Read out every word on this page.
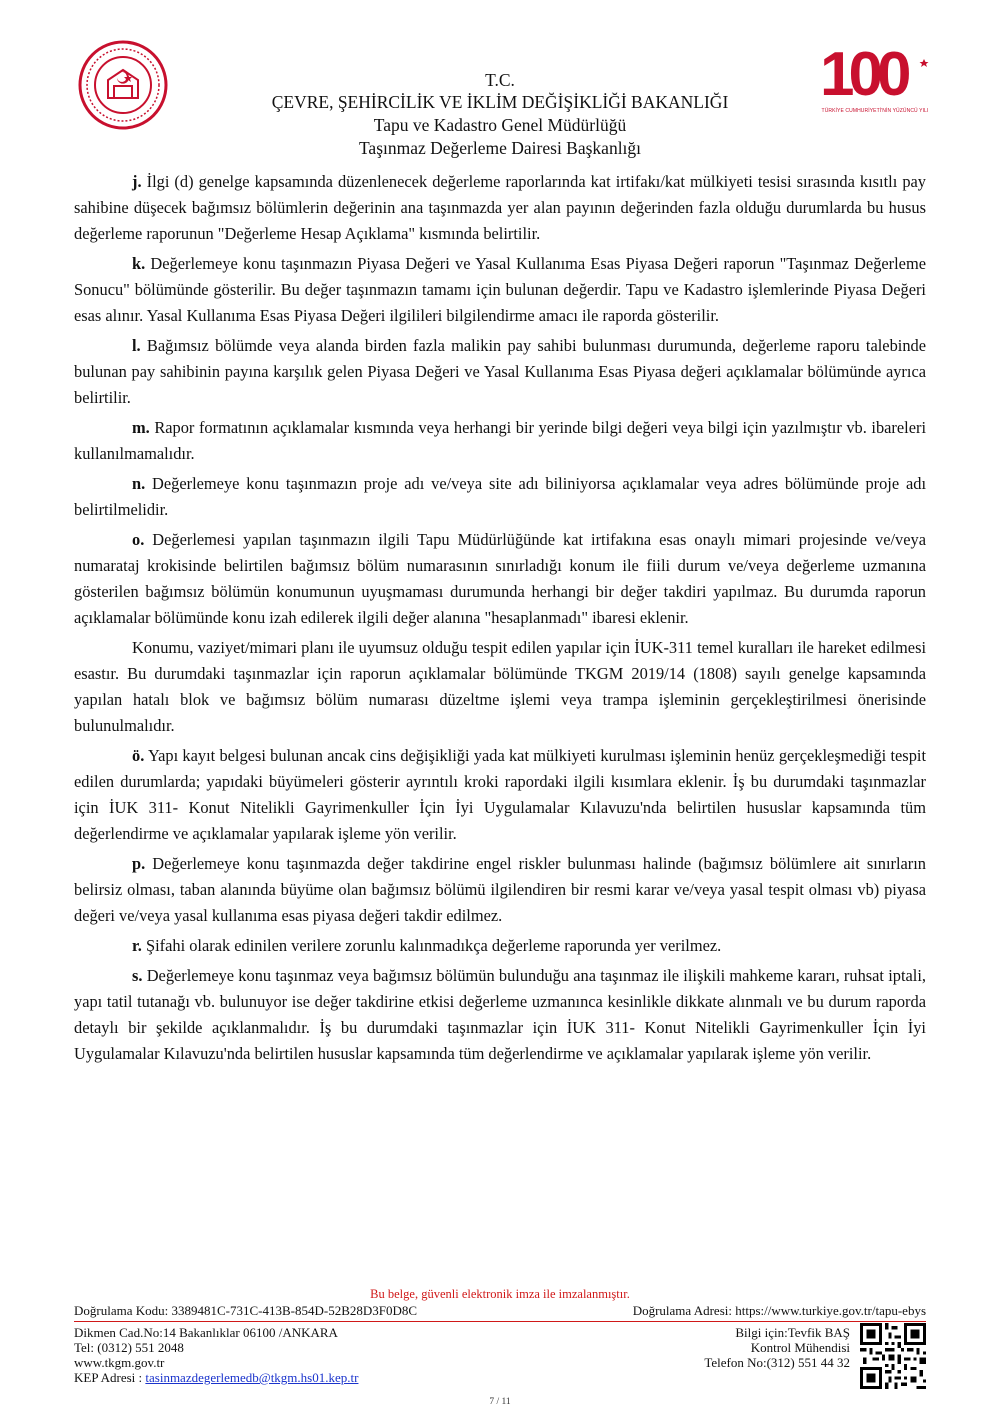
100
TÜRKİYE CUMHURİYETİ'NİN YÜZÜNCÜ YILI
T.C.
ÇEVRE, ŞEHİRCİLİK VE İKLİM DEĞİŞİKLİĞİ BAKANLIĞI
Tapu ve Kadastro Genel Müdürlüğü
Taşınmaz Değerleme Dairesi Başkanlığı

j. İlgi (d) genelge kapsamında düzenlenecek değerleme raporlarında kat irtifakı/kat mülkiyeti tesisi sırasında kısıtlı pay sahibine düşecek bağımsız bölümlerin değerinin ana taşınmazda yer alan payının değerinden fazla olduğu durumlarda bu husus değerleme raporunun "Değerleme Hesap Açıklama" kısmında belirtilir.

k. Değerlemeye konu taşınmazın Piyasa Değeri ve Yasal Kullanıma Esas Piyasa Değeri raporun "Taşınmaz Değerleme Sonucu" bölümünde gösterilir. Bu değer taşınmazın tamamı için bulunan değerdir. Tapu ve Kadastro işlemlerinde Piyasa Değeri esas alınır. Yasal Kullanıma Esas Piyasa Değeri ilgilileri bilgilendirme amacı ile raporda gösterilir.

l. Bağımsız bölümde veya alanda birden fazla malikin pay sahibi bulunması durumunda, değerleme raporu talebinde bulunan pay sahibinin payına karşılık gelen Piyasa Değeri ve Yasal Kullanıma Esas Piyasa değeri açıklamalar bölümünde ayrıca belirtilir.

m. Rapor formatının açıklamalar kısmında veya herhangi bir yerinde bilgi değeri veya bilgi için yazılmıştır vb. ibareleri kullanılmamalıdır.

n. Değerlemeye konu taşınmazın proje adı ve/veya site adı biliniyorsa açıklamalar veya adres bölümünde proje adı belirtilmelidir.

o. Değerlemesi yapılan taşınmazın ilgili Tapu Müdürlüğünde kat irtifakına esas onaylı mimari projesinde ve/veya numarataj krokisinde belirtilen bağımsız bölüm numarasının sınırladığı konum ile fiili durum ve/veya değerleme uzmanına gösterilen bağımsız bölümün konumunun uyuşmaması durumunda herhangi bir değer takdiri yapılmaz. Bu durumda raporun açıklamalar bölümünde konu izah edilerek ilgili değer alanına "hesaplanmadı" ibaresi eklenir.

Konumu, vaziyet/mimari planı ile uyumsuz olduğu tespit edilen yapılar için İUK-311 temel kuralları ile hareket edilmesi esastır. Bu durumdaki taşınmazlar için raporun açıklamalar bölümünde TKGM 2019/14 (1808) sayılı genelge kapsamında yapılan hatalı blok ve bağımsız bölüm numarası düzeltme işlemi veya trampa işleminin gerçekleştirilmesi önerisinde bulunulmalıdır.

ö. Yapı kayıt belgesi bulunan ancak cins değişikliği yada kat mülkiyeti kurulması işleminin henüz gerçekleşmediği tespit edilen durumlarda; yapıdaki büyümeleri gösterir ayrıntılı kroki rapordaki ilgili kısımlara eklenir. İş bu durumdaki taşınmazlar için İUK 311- Konut Nitelikli Gayrimenkuller İçin İyi Uygulamalar Kılavuzu'nda belirtilen hususlar kapsamında tüm değerlendirme ve açıklamalar yapılarak işleme yön verilir.

p. Değerlemeye konu taşınmazda değer takdirine engel riskler bulunması halinde (bağımsız bölümlere ait sınırların belirsiz olması, taban alanında büyüme olan bağımsız bölümü ilgilendiren bir resmi karar ve/veya yasal tespit olması vb) piyasa değeri ve/veya yasal kullanıma esas piyasa değeri takdir edilmez.

r. Şifahi olarak edinilen verilere zorunlu kalınmadıkça değerleme raporunda yer verilmez.

s. Değerlemeye konu taşınmaz veya bağımsız bölümün bulunduğu ana taşınmaz ile ilişkili mahkeme kararı, ruhsat iptali, yapı tatil tutanağı vb. bulunuyor ise değer takdirine etkisi değerleme uzmanınca kesinlikle dikkate alınmalı ve bu durum raporda detaylı bir şekilde açıklanmalıdır. İş bu durumdaki taşınmazlar için İUK 311- Konut Nitelikli Gayrimenkuller İçin İyi Uygulamalar Kılavuzu'nda belirtilen hususlar kapsamında tüm değerlendirme ve açıklamalar yapılarak işleme yön verilir.

Bu belge, güvenli elektronik imza ile imzalanmıştır.
Doğrulama Kodu: 3389481C-731C-413B-854D-52B28D3F0D8C	Doğrulama Adresi: https://www.turkiye.gov.tr/tapu-ebys
Dikmen Cad.No:14 Bakanlıklar 06100 /ANKARA
Tel: (0312) 551 2048
www.tkgm.gov.tr
KEP Adresi : tasinmazdegerlemedb@tkgm.hs01.kep.tr
Bilgi için:Tevfik BAŞ
Kontrol Mühendisi
Telefon No:(312) 551 44 32
7 / 11
